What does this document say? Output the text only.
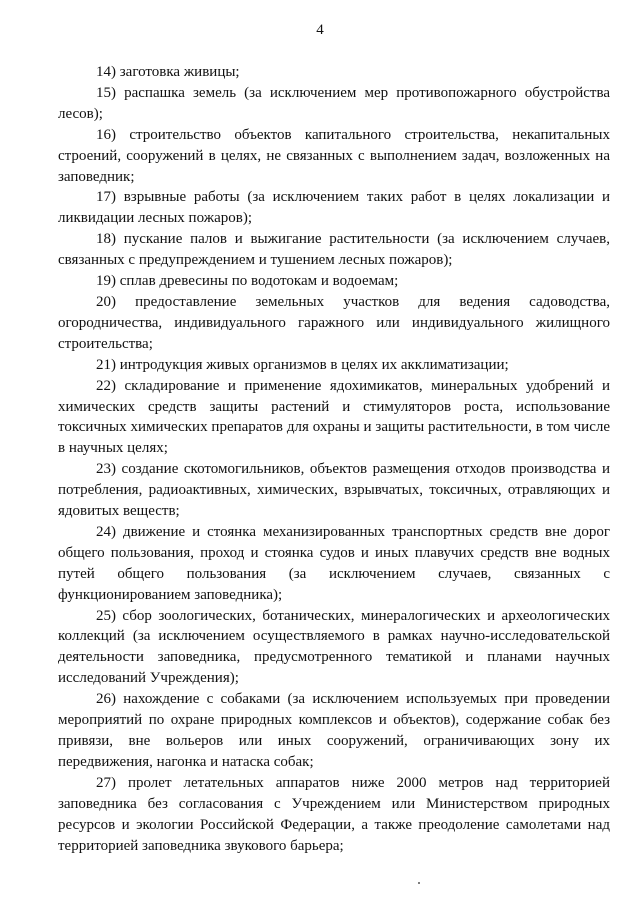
4

14) заготовка живицы;

15) распашка земель (за исключением мер противопожарного обустройства лесов);

16) строительство объектов капитального строительства, некапитальных строений, сооружений в целях, не связанных с выполнением задач, возложенных на заповедник;

17) взрывные работы (за исключением таких работ в целях локализации и ликвидации лесных пожаров);

18) пускание палов и выжигание растительности (за исключением случаев, связанных с предупреждением и тушением лесных пожаров);

19) сплав древесины по водотокам и водоемам;

20) предоставление земельных участков для ведения садоводства, огородничества, индивидуального гаражного или индивидуального жилищного строительства;

21) интродукция живых организмов в целях их акклиматизации;

22) складирование и применение ядохимикатов, минеральных удобрений и химических средств защиты растений и стимуляторов роста, использование токсичных химических препаратов для охраны и защиты растительности, в том числе в научных целях;

23) создание скотомогильников, объектов размещения отходов производства и потребления, радиоактивных, химических, взрывчатых, токсичных, отравляющих и ядовитых веществ;

24) движение и стоянка механизированных транспортных средств вне дорог общего пользования, проход и стоянка судов и иных плавучих средств вне водных путей общего пользования (за исключением случаев, связанных с функционированием заповедника);

25) сбор зоологических, ботанических, минералогических и археологических коллекций (за исключением осуществляемого в рамках научно-исследовательской деятельности заповедника, предусмотренного тематикой и планами научных исследований Учреждения);

26) нахождение с собаками (за исключением используемых при проведении мероприятий по охране природных комплексов и объектов), содержание собак без привязи, вне вольеров или иных сооружений, ограничивающих зону их передвижения, нагонка и натаска собак;

27) пролет летательных аппаратов ниже 2000 метров над территорией заповедника без согласования с Учреждением или Министерством природных ресурсов и экологии Российской Федерации, а также преодоление самолетами над территорией заповедника звукового барьера;
